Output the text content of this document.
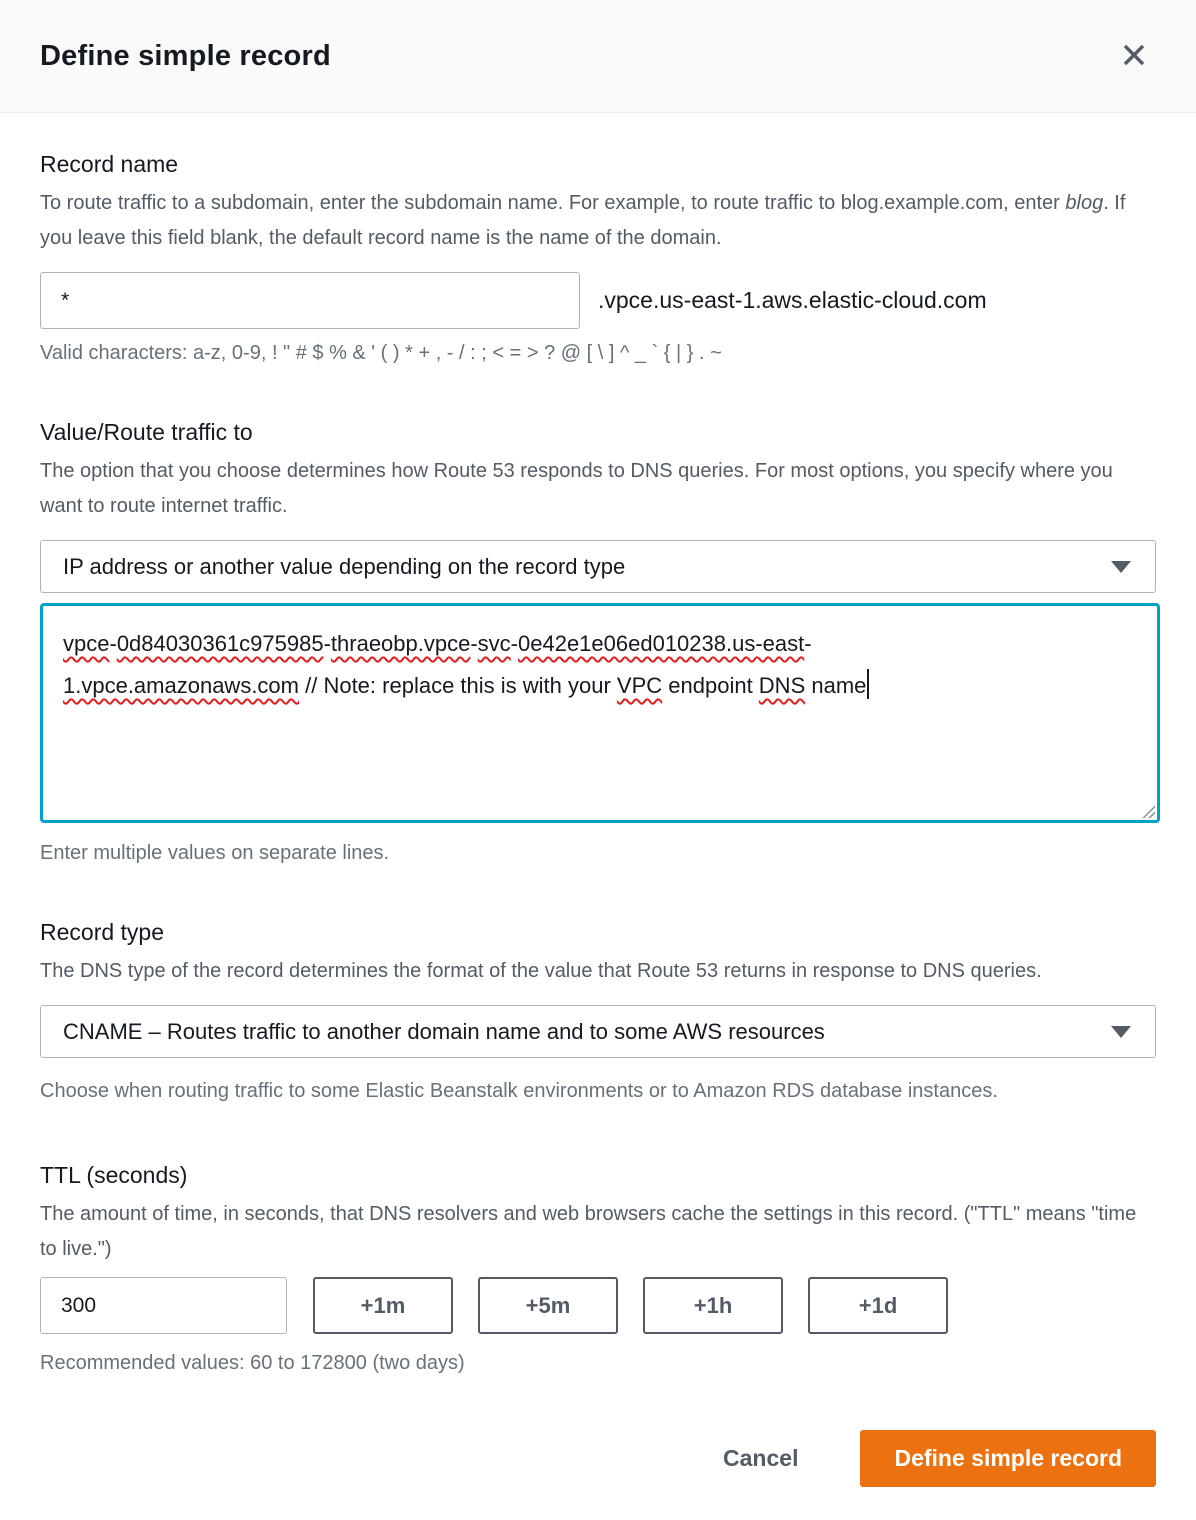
Define simple record
Record name

To route traffic to a subdomain, enter the subdomain name. For example, to route traffic to blog.example.com, enter blog. If you leave this field blank, the default record name is the name of the domain.

*
.vpce.us-east-1.aws.elastic-cloud.com
Valid characters: a-z, 0-9, ! " # $ % & ' ( ) * + , - / : ; < = > ? @ [ \ ] ^ _ ` { | } . ~
Value/Route traffic to

The option that you choose determines how Route 53 responds to DNS queries. For most options, you specify where you want to route internet traffic.

IP address or another value depending on the record type
vpce-0d84030361c975985-thraeobp.vpce-svc-0e42e1e06ed010238.us-east-
1.vpce.amazonaws.com // Note: replace this is with your VPC endpoint DNS name
Enter multiple values on separate lines.
Record type

The DNS type of the record determines the format of the value that Route 53 returns in response to DNS queries.

CNAME – Routes traffic to another domain name and to some AWS resources
Choose when routing traffic to some Elastic Beanstalk environments or to Amazon RDS database instances.
TTL (seconds)

The amount of time, in seconds, that DNS resolvers and web browsers cache the settings in this record. ("TTL" means "time to live.")

300
+1m	+5m	+1h	+1d
Recommended values: 60 to 172800 (two days)
Cancel	Define simple record
